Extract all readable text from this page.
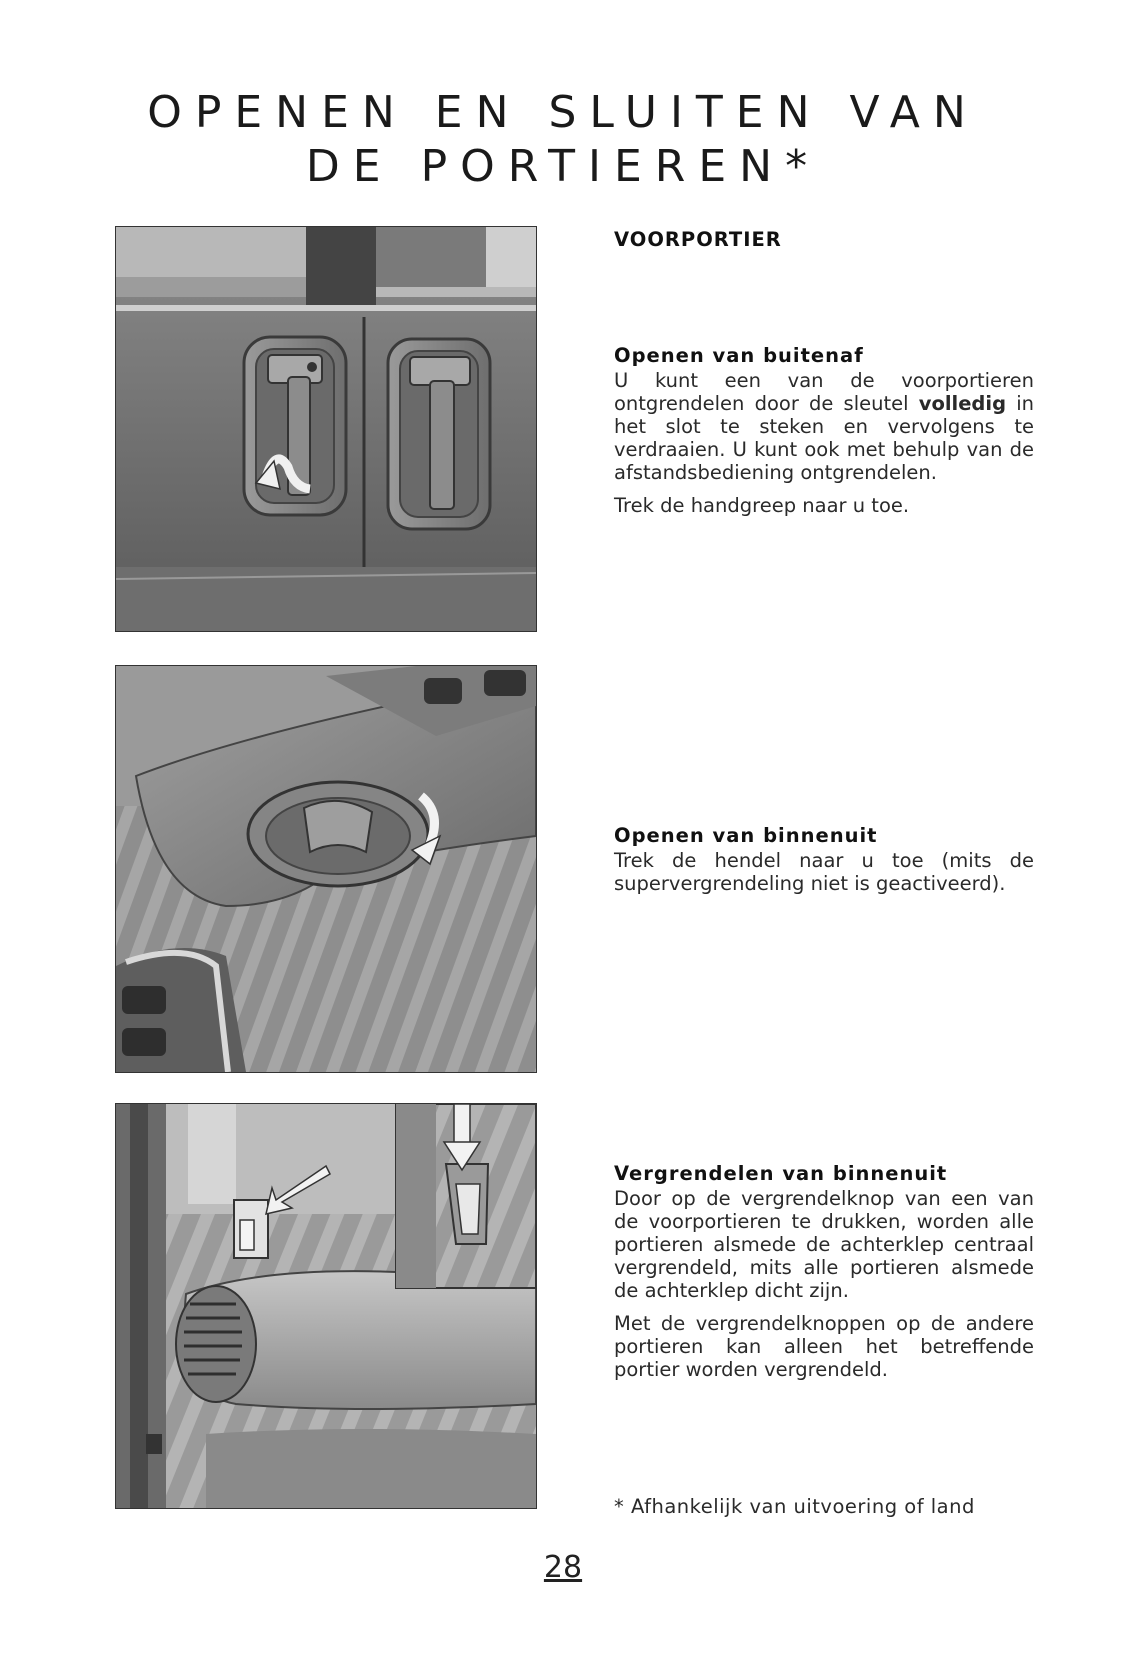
OPENEN EN SLUITEN VAN
DE PORTIEREN*
VOORPORTIER
Openen van buitenaf

U kunt een van de voorportieren ontgrendelen door de sleutel volledig in het slot te steken en vervolgens te verdraaien. U kunt ook met behulp van de afstandsbediening ontgrendelen.

Trek de handgreep naar u toe.

Openen van binnenuit

Trek de hendel naar u toe (mits de supervergrendeling niet is geactiveerd).

Vergrendelen van binnenuit

Door op de vergrendelknop van een van de voorportieren te drukken, worden alle portieren alsmede de achterklep centraal vergrendeld, mits alle portieren alsmede de achterklep dicht zijn.

Met de vergrendelknoppen op de andere portieren kan alleen het betreffende portier worden vergrendeld.

* Afhankelijk van uitvoering of land
28
